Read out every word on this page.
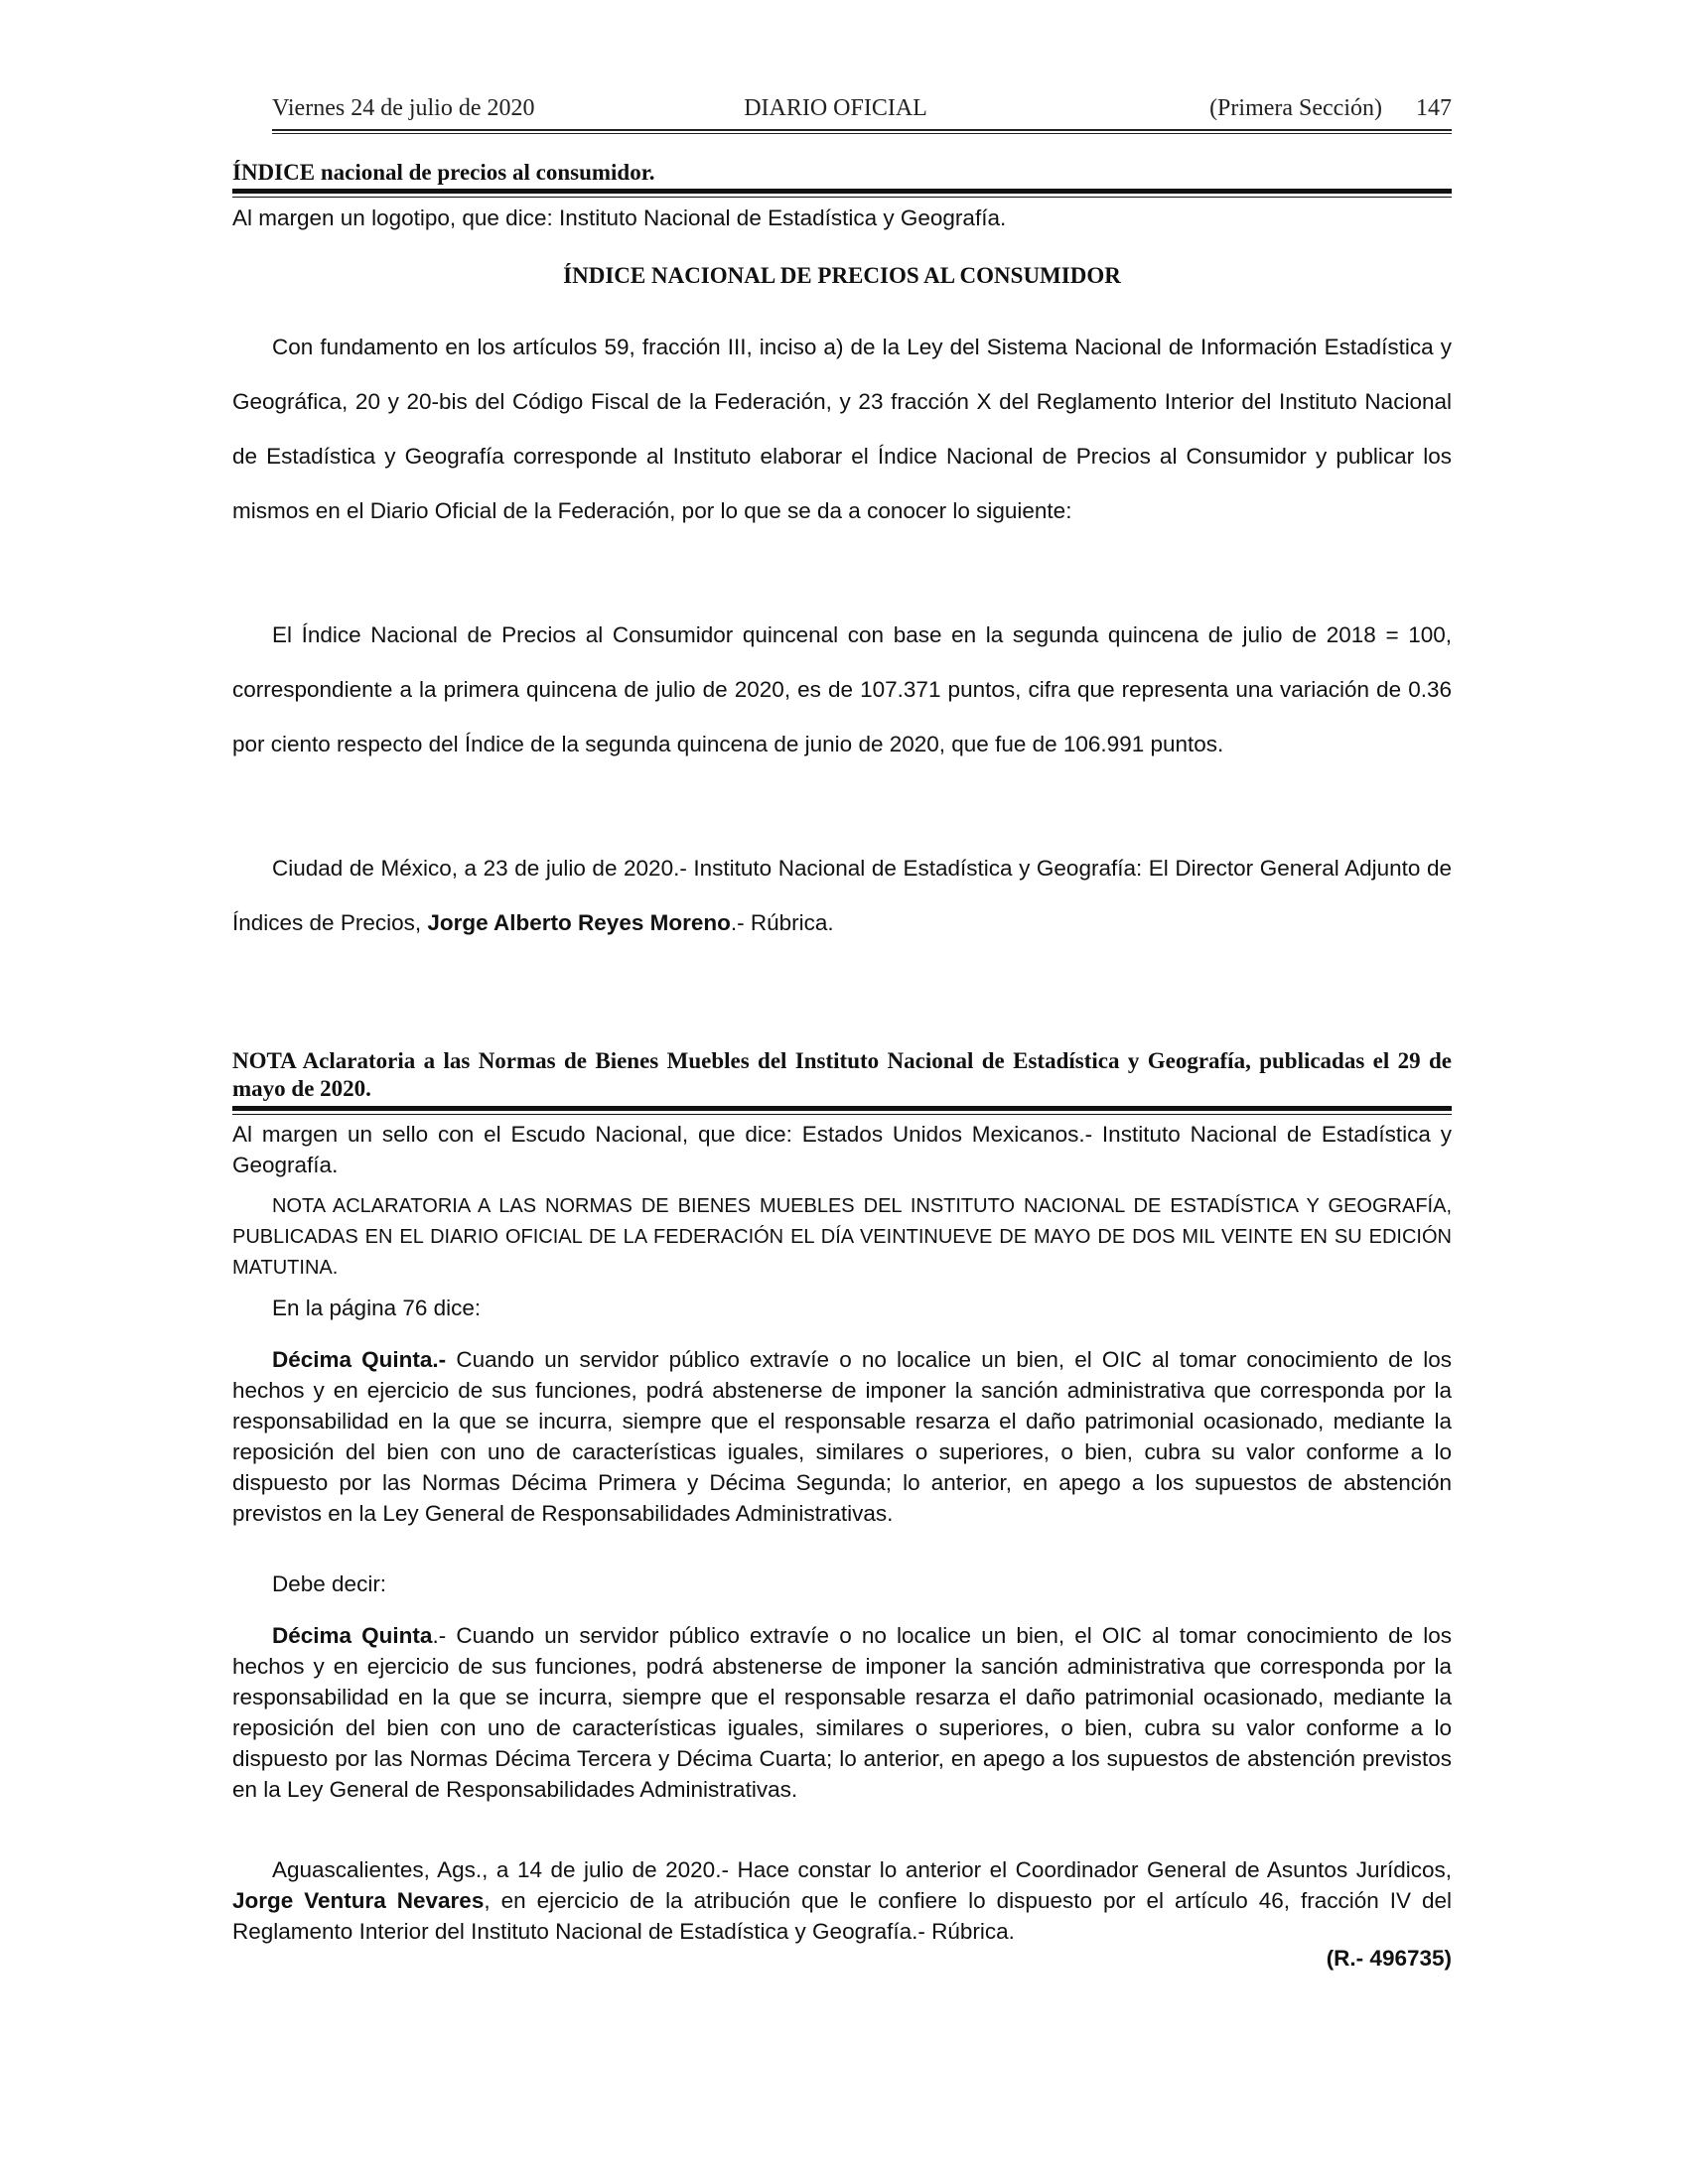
Viernes 24 de julio de 2020	DIARIO OFICIAL	(Primera Sección) 147
ÍNDICE nacional de precios al consumidor.
Al margen un logotipo, que dice: Instituto Nacional de Estadística y Geografía.
ÍNDICE NACIONAL DE PRECIOS AL CONSUMIDOR
Con fundamento en los artículos 59, fracción III, inciso a) de la Ley del Sistema Nacional de Información Estadística y Geográfica, 20 y 20-bis del Código Fiscal de la Federación, y 23 fracción X del Reglamento Interior del Instituto Nacional de Estadística y Geografía corresponde al Instituto elaborar el Índice Nacional de Precios al Consumidor y publicar los mismos en el Diario Oficial de la Federación, por lo que se da a conocer lo siguiente:
El Índice Nacional de Precios al Consumidor quincenal con base en la segunda quincena de julio de 2018 = 100, correspondiente a la primera quincena de julio de 2020, es de 107.371 puntos, cifra que representa una variación de 0.36 por ciento respecto del Índice de la segunda quincena de junio de 2020, que fue de 106.991 puntos.
Ciudad de México, a 23 de julio de 2020.- Instituto Nacional de Estadística y Geografía: El Director General Adjunto de Índices de Precios, Jorge Alberto Reyes Moreno.- Rúbrica.
NOTA Aclaratoria a las Normas de Bienes Muebles del Instituto Nacional de Estadística y Geografía, publicadas el 29 de mayo de 2020.
Al margen un sello con el Escudo Nacional, que dice: Estados Unidos Mexicanos.- Instituto Nacional de Estadística y Geografía.
NOTA ACLARATORIA A LAS NORMAS DE BIENES MUEBLES DEL INSTITUTO NACIONAL DE ESTADÍSTICA Y GEOGRAFÍA, PUBLICADAS EN EL DIARIO OFICIAL DE LA FEDERACIÓN EL DÍA VEINTINUEVE DE MAYO DE DOS MIL VEINTE EN SU EDICIÓN MATUTINA.
En la página 76 dice:
Décima Quinta.- Cuando un servidor público extravíe o no localice un bien, el OIC al tomar conocimiento de los hechos y en ejercicio de sus funciones, podrá abstenerse de imponer la sanción administrativa que corresponda por la responsabilidad en la que se incurra, siempre que el responsable resarza el daño patrimonial ocasionado, mediante la reposición del bien con uno de características iguales, similares o superiores, o bien, cubra su valor conforme a lo dispuesto por las Normas Décima Primera y Décima Segunda; lo anterior, en apego a los supuestos de abstención previstos en la Ley General de Responsabilidades Administrativas.
Debe decir:
Décima Quinta.- Cuando un servidor público extravíe o no localice un bien, el OIC al tomar conocimiento de los hechos y en ejercicio de sus funciones, podrá abstenerse de imponer la sanción administrativa que corresponda por la responsabilidad en la que se incurra, siempre que el responsable resarza el daño patrimonial ocasionado, mediante la reposición del bien con uno de características iguales, similares o superiores, o bien, cubra su valor conforme a lo dispuesto por las Normas Décima Tercera y Décima Cuarta; lo anterior, en apego a los supuestos de abstención previstos en la Ley General de Responsabilidades Administrativas.
Aguascalientes, Ags., a 14 de julio de 2020.- Hace constar lo anterior el Coordinador General de Asuntos Jurídicos, Jorge Ventura Nevares, en ejercicio de la atribución que le confiere lo dispuesto por el artículo 46, fracción IV del Reglamento Interior del Instituto Nacional de Estadística y Geografía.- Rúbrica.
(R.- 496735)
